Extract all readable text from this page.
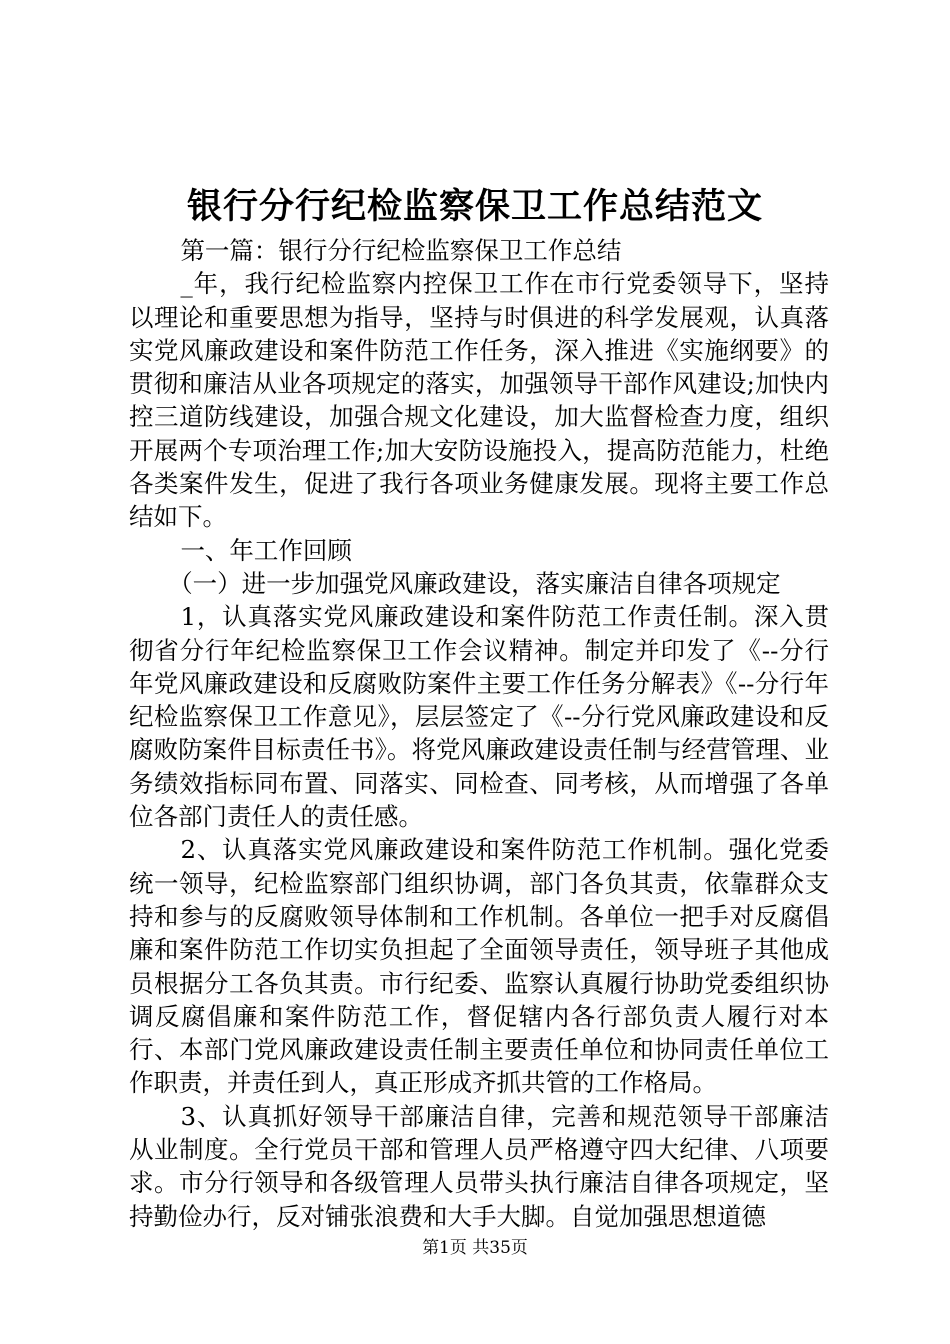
银行分行纪检监察保卫工作总结范文

第一篇：银行分行纪检监察保卫工作总结

_年，我行纪检监察内控保卫工作在市行党委领导下，坚持以理论和重要思想为指导，坚持与时俱进的科学发展观，认真落实党风廉政建设和案件防范工作任务，深入推进《实施纲要》的贯彻和廉洁从业各项规定的落实，加强领导干部作风建设;加快内控三道防线建设，加强合规文化建设，加大监督检查力度，组织开展两个专项治理工作;加大安防设施投入，提高防范能力，杜绝各类案件发生，促进了我行各项业务健康发展。现将主要工作总结如下。

一、年工作回顾

（一）进一步加强党风廉政建设，落实廉洁自律各项规定

1，认真落实党风廉政建设和案件防范工作责任制。深入贯彻省分行年纪检监察保卫工作会议精神。制定并印发了《--分行年党风廉政建设和反腐败防案件主要工作任务分解表》《--分行年纪检监察保卫工作意见》，层层签定了《--分行党风廉政建设和反腐败防案件目标责任书》。将党风廉政建设责任制与经营管理、业务绩效指标同布置、同落实、同检查、同考核，从而增强了各单位各部门责任人的责任感。

2、认真落实党风廉政建设和案件防范工作机制。强化党委统一领导，纪检监察部门组织协调，部门各负其责，依靠群众支持和参与的反腐败领导体制和工作机制。各单位一把手对反腐倡廉和案件防范工作切实负担起了全面领导责任，领导班子其他成员根据分工各负其责。市行纪委、监察认真履行协助党委组织协调反腐倡廉和案件防范工作，督促辖内各行部负责人履行对本行、本部门党风廉政建设责任制主要责任单位和协同责任单位工作职责，并责任到人，真正形成齐抓共管的工作格局。

3、认真抓好领导干部廉洁自律，完善和规范领导干部廉洁从业制度。全行党员干部和管理人员严格遵守四大纪律、八项要求。市分行领导和各级管理人员带头执行廉洁自律各项规定，坚持勤俭办行，反对铺张浪费和大手大脚。自觉加强思想道德

第1页 共35页
